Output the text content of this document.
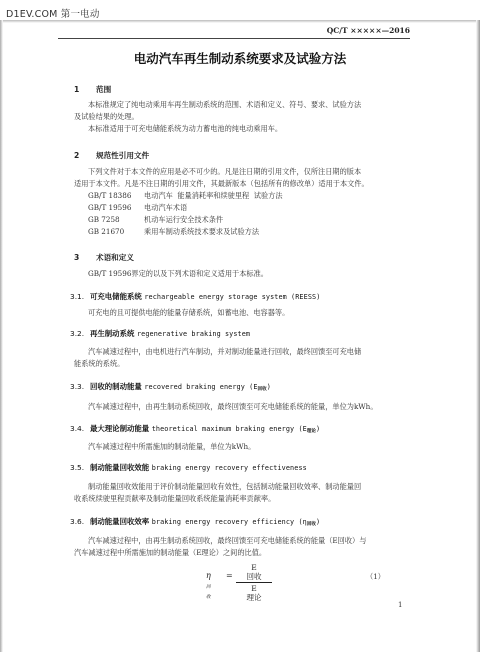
D1EV.COM 第一电动
QC/T ×××××—2016
电动汽车再生制动系统要求及试验方法
1 范围

本标准规定了纯电动乘用车再生制动系统的范围、术语和定义、符号、要求、试验方法

及试验结果的处理。

本标准适用于可充电储能系统为动力蓄电池的纯电动乘用车。

2 规范性引用文件

下列文件对于本文件的应用是必不可少的。凡是注日期的引用文件，仅所注日期的版本

适用于本文件。凡是不注日期的引用文件，其最新版本（包括所有的修改单）适用于本文件。

GB/T 18386 电动汽车  能量消耗率和续驶里程  试验方法
GB/T 19596 电动汽车术语
GB 7258	机动车运行安全技术条件
GB 21670	乘用车制动系统技术要求及试验方法
3 术语和定义

GB/T 19596界定的以及下列术语和定义适用于本标准。

3.1. 可充电储能系统 rechargeable energy storage system (REESS)

可充电的且可提供电能的能量存储系统，如蓄电池、电容器等。

3.2. 再生制动系统 regenerative braking system

汽车减速过程中，由电机进行汽车制动，并对制动能量进行回收，最终回馈至可充电储

能系统的系统。

3.3. 回收的制动能量 recovered braking energy $(E_{回收})$

汽车减速过程中，由再生制动系统回收，最终回馈至可充电储能系统的能量，单位为kWh。

3.4. 最大理论制动能量 theoretical maximum braking energy $(E_{理论})$

汽车减速过程中所需施加的制动能量，单位为kWh。

3.5. 制动能量回收效能 braking energy recovery effectiveness

制动能量回收效能用于评价制动能量回收有效性，包括制动能量回收效率、制动能量回

收系统续驶里程贡献率及制动能量回收系统能量消耗率贡献率。

3.6. 制动能量回收效率 braking energy recovery efficiency $(\eta_{回收})$

汽车减速过程中，由再生制动系统回收，最终回馈至可充电储能系统的能量（E回收）与

汽车减速过程中所需施加的制动能量（E理论）之间的比值。

$\eta_{回收}$
=
E
回收
E
理论
（1）
1
